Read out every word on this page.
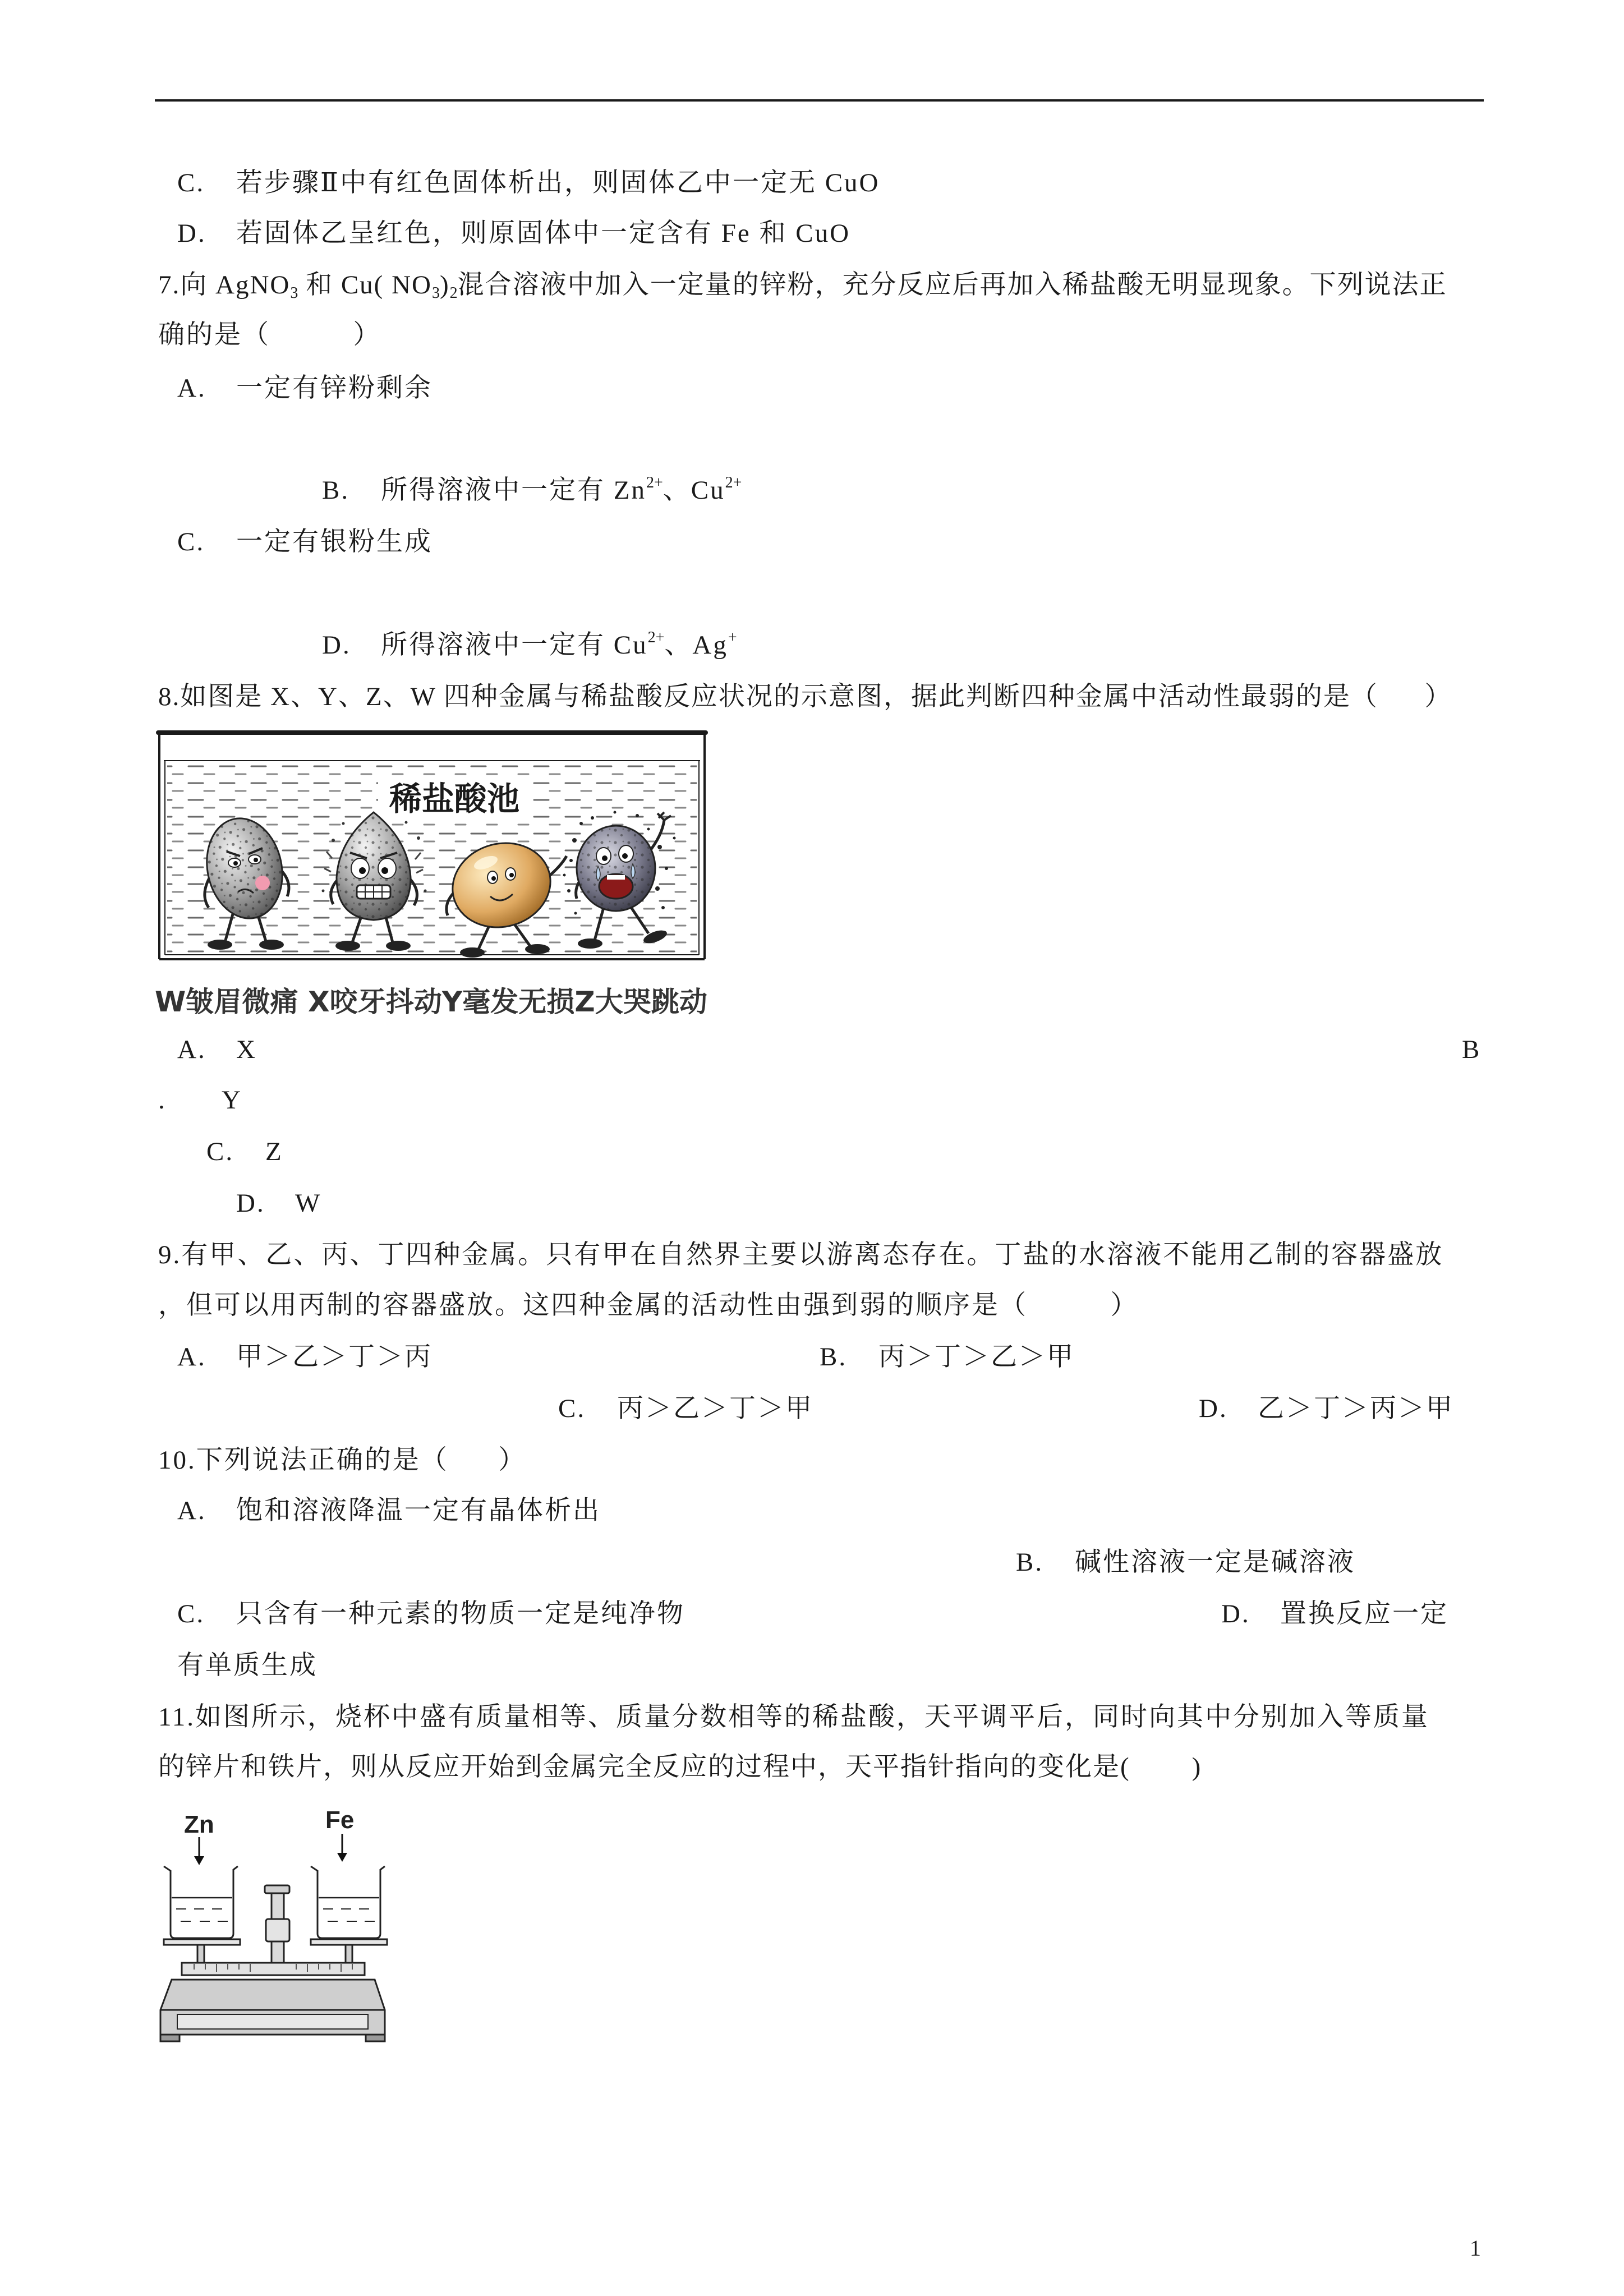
C. 若步骤Ⅱ中有红色固体析出，则固体乙中一定无 CuO
D. 若固体乙呈红色，则原固体中一定含有 Fe 和 CuO
7.向 AgNO$_3$ 和 Cu( $NO_3)_2$混合溶液中加入一定量的锌粉，充分反应后再加入稀盐酸无明显现象。下列说法正
确的是（          ）
A. 一定有锌粉剩余
B. 所得溶液中一定有 $Zn^{2+}$、$Cu^{2+}$
C. 一定有银粉生成
D. 所得溶液中一定有 $Cu^{2+}$、Ag+
8.如图是 X、Y、Z、W 四种金属与稀盐酸反应状况的示意图，据此判断四种金属中活动性最弱的是（      ）
稀盐酸池
W皱眉微痛 X咬牙抖动Y毫发无损Z大哭跳动
A. X	B
. Y
C. Z
D. W
9.有甲、乙、丙、丁四种金属。只有甲在自然界主要以游离态存在。丁盐的水溶液不能用乙制的容器盛放
，但可以用丙制的容器盛放。这四种金属的活动性由强到弱的顺序是（          ）
A. 甲＞乙＞丁＞丙	B. 丙＞丁＞乙＞甲
C. 丙＞乙＞丁＞甲	D. 乙＞丁＞丙＞甲
10.下列说法正确的是（      ）
A. 饱和溶液降温一定有晶体析出
B. 碱性溶液一定是碱溶液
C. 只含有一种元素的物质一定是纯净物	D. 置换反应一定
有单质生成
11.如图所示，烧杯中盛有质量相等、质量分数相等的稀盐酸，天平调平后，同时向其中分别加入等质量
的锌片和铁片，则从反应开始到金属完全反应的过程中，天平指针指向的变化是(        )
Zn	Fe
1
